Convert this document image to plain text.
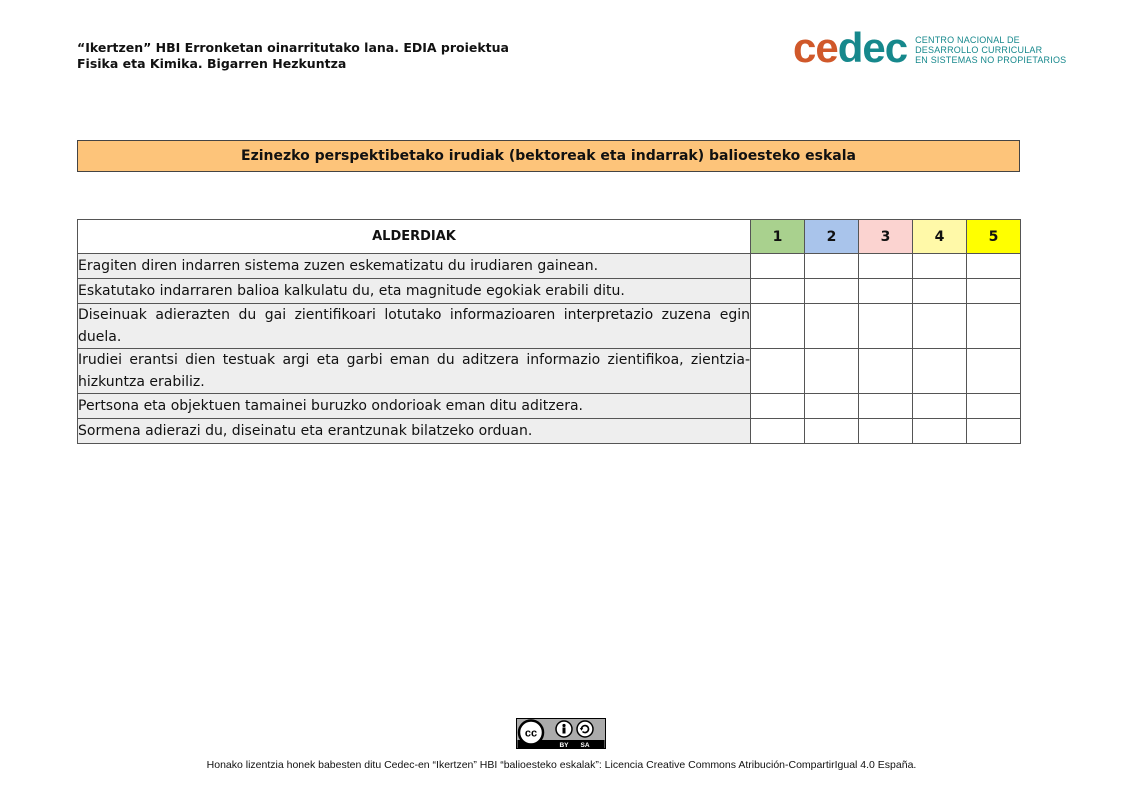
“Ikertzen” HBI Erronketan oinarritutako lana. EDIA proiektua
Fisika eta Kimika. Bigarren Hezkuntza	cedec CENTRO NACIONAL DE
DESARROLLO CURRICULAR
EN SISTEMAS NO PROPIETARIOS
Ezinezko perspektibetako irudiak (bektoreak eta indarrak) balioesteko eskala
ALDERDIAK	1	2	3	4	5
Eragiten diren indarren sistema zuzen eskematizatu du irudiaren gainean.					
Eskatutako indarraren balioa kalkulatu du, eta magnitude egokiak erabili ditu.					
Diseinuak adierazten du gai zientifikoari lotutako informazioaren interpretazio zuzena egin duela.					
Irudiei erantsi dien testuak argi eta garbi eman du aditzera informazio zientifikoa, zientzia-hizkuntza erabiliz.					
Pertsona eta objektuen tamainei buruzko ondorioak eman ditu aditzera.					
Sormena adierazi du, diseinatu eta erantzunak bilatzeko orduan.					
cc
BY SA
Honako lizentzia honek babesten ditu Cedec-en “Ikertzen” HBI “balioesteko eskalak”: Licencia Creative Commons Atribución-CompartirIgual 4.0 España.
